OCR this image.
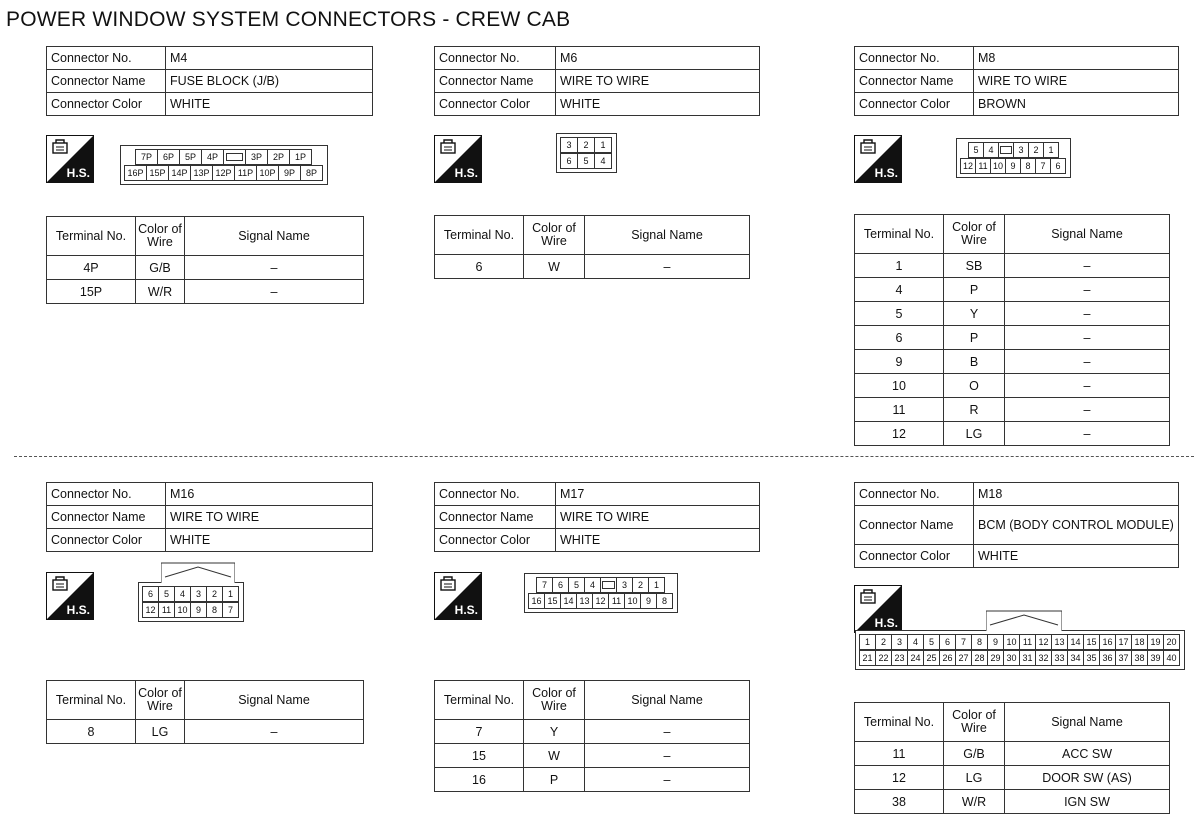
POWER WINDOW SYSTEM CONNECTORS - CREW CAB
Connector No.	M4
Connector Name	FUSE BLOCK (J/B)
Connector Color	WHITE
H.S.
7P	6P	5P	4P	3P	2P	1P
16P 15P 14P 13P 12P 11P 10P 9P	8P
Terminal No.	Color of Wire	Signal Name
4P	G/B	–
15P	W/R	–
Connector No.	M6
Connector Name	WIRE TO WIRE
Connector Color	WHITE
H.S.
3	2	1
6	5	4
Terminal No.	Color of Wire	Signal Name
6	W	–
Connector No.	M8
Connector Name	WIRE TO WIRE
Connector Color	BROWN
H.S.
5	4	3	2	1
12 11 10 9	8	7	6
Terminal No.	Color of Wire	Signal Name
1	SB	–
4	P	–
5	Y	–
6	P	–
9	B	–
10	O	–
11	R	–
12	LG	–
Connector No.	M16
Connector Name	WIRE TO WIRE
Connector Color	WHITE
H.S.
6	5	4	3	2	1
12 11 10 9	8	7
Terminal No.	Color of Wire	Signal Name
8	LG	–
Connector No.	M17
Connector Name	WIRE TO WIRE
Connector Color	WHITE
H.S.
7	6	5	4	3	2	1
16 15 14 13 12 11 10 9	8
Terminal No.	Color of Wire	Signal Name
7	Y	–
15	W	–
16	P	–
Connector No.	M18
Connector Name	BCM (BODY CONTROL MODULE)
Connector Color	WHITE
H.S.
1	2	3	4	5	6	7	8	9 10 11 12 13 14 15 16 17 18 19 20
21 22 23 24 25 26 27 28 29 30 31 32 33 34 35 36 37 38 39 40
Terminal No.	Color of Wire	Signal Name
11	G/B	ACC SW
12	LG	DOOR SW (AS)
38	W/R	IGN SW
